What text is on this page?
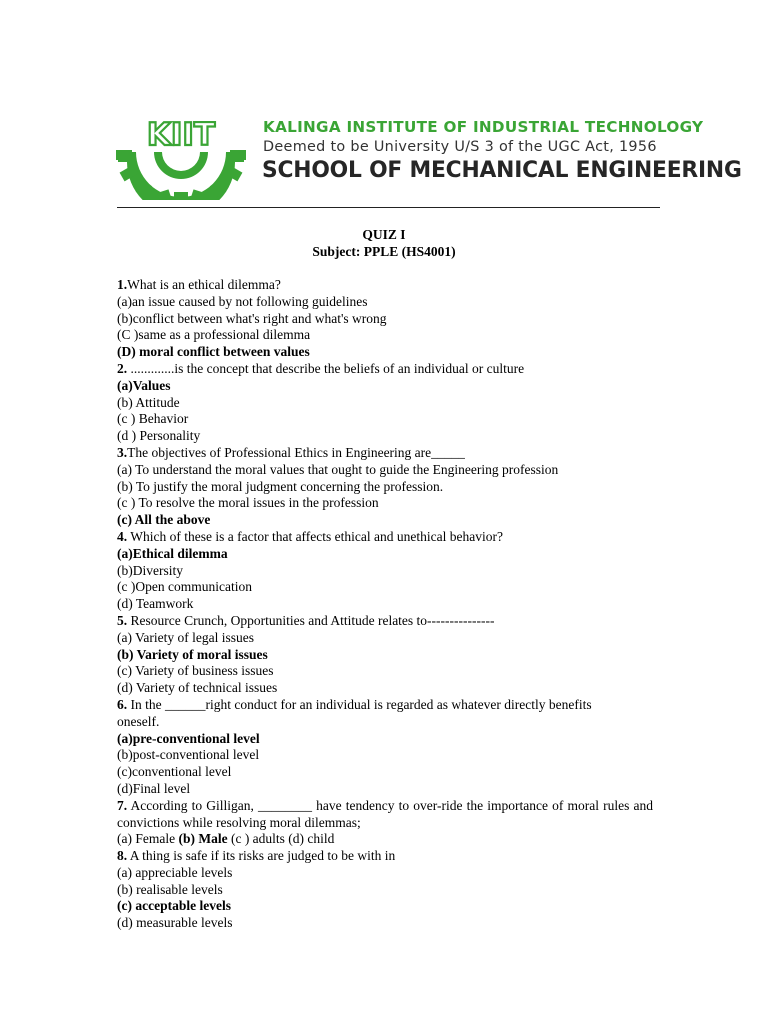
KIIT	KALINGA INSTITUTE OF INDUSTRIAL TECHNOLOGY
Deemed to be University U/S 3 of the UGC Act, 1956
SCHOOL OF MECHANICAL ENGINEERING
QUIZ I
Subject: PPLE (HS4001)
1.What is an ethical dilemma?
(a)an issue caused by not following guidelines
(b)conflict between what's right and what's wrong
(C )same as a professional dilemma
(D) moral conflict between values
2. .............is the concept that describe the beliefs of an individual or culture
(a)Values
(b) Attitude
(c ) Behavior
(d ) Personality
3.The objectives of Professional Ethics in Engineering are_____
(a) To understand the moral values that ought to guide the Engineering profession
(b) To justify the moral judgment concerning the profession.
(c ) To resolve the moral issues in the profession
(c) All the above
4. Which of these is a factor that affects ethical and unethical behavior?
(a)Ethical dilemma
(b)Diversity
(c )Open communication
(d) Teamwork
5. Resource Crunch, Opportunities and Attitude relates to---------------
(a) Variety of legal issues
(b) Variety of moral issues
(c) Variety of business issues
(d) Variety of technical issues
6. In the ______right conduct for an individual is regarded as whatever directly benefits oneself.
(a)pre-conventional level
(b)post-conventional level
(c)conventional level
(d)Final level
7. According to Gilligan, ________ have tendency to over-ride the importance of moral rules and convictions while resolving moral dilemmas;
(a) Female (b) Male (c ) adults (d) child
8. A thing is safe if its risks are judged to be with in
(a) appreciable levels
(b) realisable levels
(c) acceptable levels
(d) measurable levels
